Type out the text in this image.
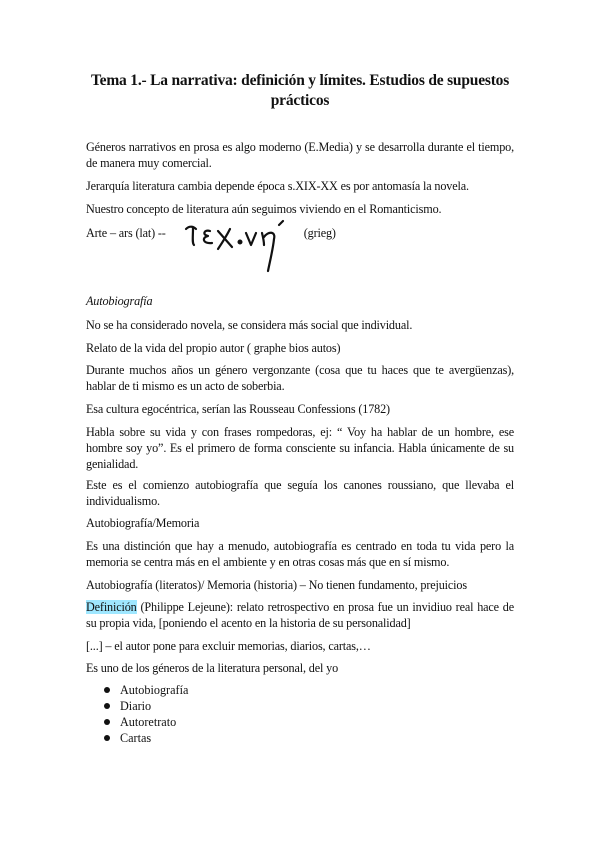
Tema 1.- La narrativa: definición y límites. Estudios de supuestos prácticos
Géneros narrativos en prosa es algo moderno (E.Media) y se desarrolla durante el tiempo, de manera muy comercial.
Jerarquía literatura cambia depende época s.XIX-XX es por antomasía la novela.
Nuestro concepto de literatura aún seguimos viviendo en el Romanticismo.
Arte – ars (lat) --	(grieg)
Autobiografía
No se ha considerado novela, se considera más social que individual.
Relato de la vida del propio autor ( graphe bios autos)
Durante muchos años un género vergonzante (cosa que tu haces que te avergüenzas), hablar de ti mismo es un acto de soberbia.
Esa cultura egocéntrica, serían las Rousseau Confessions (1782)
Habla sobre su vida y con frases rompedoras, ej: “ Voy ha hablar de un hombre, ese hombre soy yo”. Es el primero de forma consciente su infancia. Habla únicamente de su genialidad.
Este es el comienzo autobiografía que seguía los canones roussiano, que llevaba el individualismo.
Autobiografía/Memoria
Es una distinción que hay a menudo, autobiografía es centrado en toda tu vida pero la memoria se centra más en el ambiente y en otras cosas más que en sí mismo.
Autobiografía (literatos)/ Memoria (historia) – No tienen fundamento, prejuicios
Definición (Philippe Lejeune): relato retrospectivo en prosa fue un invidiuo real hace de su propia vida, [poniendo el acento en la historia de su personalidad]
[...] – el autor pone para excluir memorias, diarios, cartas,…
Es uno de los géneros de la literatura personal, del yo
Autobiografía
Diario
Autoretrato
Cartas
